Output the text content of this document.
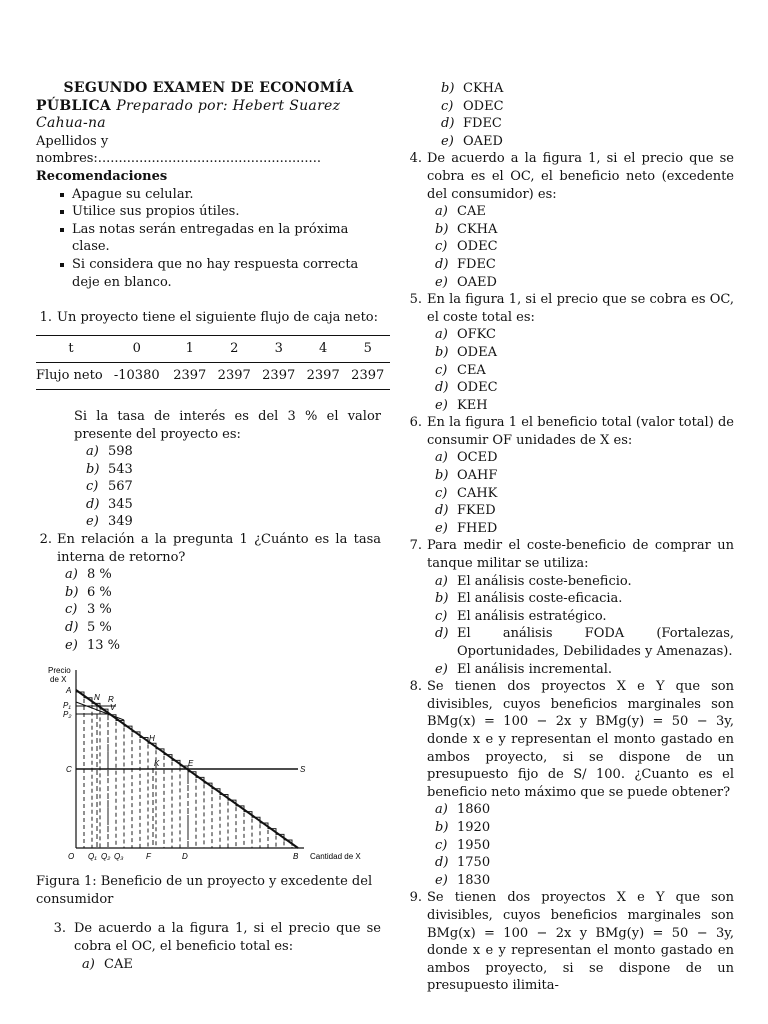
SEGUNDO EXAMEN DE ECONOMÍA
PÚBLICA Preparado por: Hebert Suarez Cahua-na
Apellidos y nombres:......................................................
Recomendaciones
Apague su celular.
Utilice sus propios útiles.
Las notas serán entregadas en la próxima clase.
Si considera que no hay respuesta correcta deje en blanco.
1. Un proyecto tiene el siguiente flujo de caja neto:
t	0	1	2	3	4	5
Flujo neto	-10380	2397	2397	2397	2397	2397
Si la tasa de interés es del 3 % el valor presente del proyecto es:
a) 598
b) 543
c) 567
d) 345
e) 349
2. En relación a la pregunta 1 ¿Cuánto es la tasa interna de retorno?
a) 8 %
b) 6 %
c) 3 %
d) 5 %
e) 13 %
Precio
de X
A
P₁
P₂
C
O Q₁ Q₂ Q₃	F	D	B Cantidad de X
N R
V
H
K	E
S
Figura 1: Beneficio de un proyecto y excedente del consumidor
3. De acuerdo a la figura 1, si el precio que se cobra el OC, el beneficio total es:
a) CAE
b) CKHA
c) ODEC
d) FDEC
e) OAED
4. De acuerdo a la figura 1, si el precio que se cobra es el OC, el beneficio neto (excedente del consumidor) es:
a) CAE
b) CKHA
c) ODEC
d) FDEC
e) OAED
5. En la figura 1, si el precio que se cobra es OC, el coste total es:
a) OFKC
b) ODEA
c) CEA
d) ODEC
e) KEH
6. En la figura 1 el beneficio total (valor total) de consumir OF unidades de X es:
a) OCED
b) OAHF
c) CAHK
d) FKED
e) FHED
7. Para medir el coste-beneficio de comprar un tanque militar se utiliza:
a) El análisis coste-beneficio.
b) El análisis coste-eficacia.
c) El análisis estratégico.
d) El análisis FODA (Fortalezas, Oportunidades, Debilidades y Amenazas).
e) El análisis incremental.
8. Se tienen dos proyectos X e Y que son divisibles, cuyos beneficios marginales son BMg(x) = 100 − 2x y BMg(y) = 50 − 3y, donde x e y representan el monto gastado en ambos proyecto, si se dispone de un presupuesto fijo de S/ 100. ¿Cuanto es el beneficio neto máximo que se puede obtener?
a) 1860
b) 1920
c) 1950
d) 1750
e) 1830
9. Se tienen dos proyectos X e Y que son divisibles, cuyos beneficios marginales son BMg(x) = 100 − 2x y BMg(y) = 50 − 3y, donde x e y representan el monto gastado en ambos proyecto, si se dispone de un presupuesto ilimita-
